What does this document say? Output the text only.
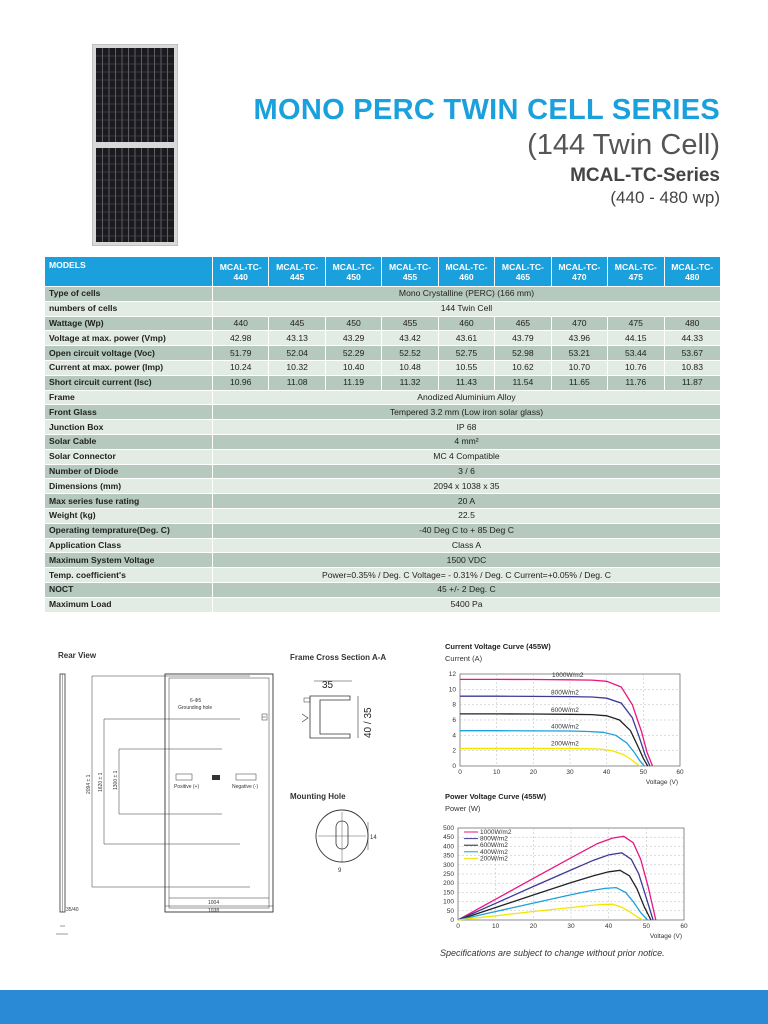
MONO PERC TWIN CELL SERIES
(144 Twin Cell)
MCAL-TC-Series
(440 - 480 wp)
MODELS	MCAL-TC-440	MCAL-TC-445	MCAL-TC-450	MCAL-TC-455	MCAL-TC-460	MCAL-TC-465	MCAL-TC-470	MCAL-TC-475	MCAL-TC-480
Type of cells	Mono Crystalline (PERC) (166 mm)								
numbers of cells	144 Twin Cell								
Wattage (Wp)	440	445	450	455	460	465	470	475	480
Voltage at max. power (Vmp)	42.98	43.13	43.29	43.42	43.61	43.79	43.96	44.15	44.33
Open circuit voltage (Voc)	51.79	52.04	52.29	52.52	52.75	52.98	53.21	53.44	53.67
Current at max. power (Imp)	10.24	10.32	10.40	10.48	10.55	10.62	10.70	10.76	10.83
Short circuit current (Isc)	10.96	11.08	11.19	11.32	11.43	11.54	11.65	11.76	11.87
Frame	Anodized Aluminium Alloy								
Front Glass	Tempered 3.2 mm (Low iron solar glass)								
Junction Box	IP 68								
Solar Cable	4 mm²								
Solar Connector	MC 4 Compatible								
Number of Diode	3 / 6								
Dimensions (mm)	2094 x 1038 x 35								
Max series fuse rating	20 A								
Weight (kg)	22.5								
Operating temprature(Deg. C)	-40 Deg C to + 85 Deg C								
Application Class	Class A								
Maximum System Voltage	1500 VDC								
Temp. coefficient's	Power=0.35% / Deg. C Voltage= - 0.31% / Deg. C Current=+0.05% / Deg. C								
NOCT	45 +/- 2 Deg. C								
Maximum Load	5400 Pa								
Rear View
6-Φ5 Grounding hole
Positive (+)	Negative (-)
1004
1038
35/40
2094 ± 1 1620 ± 1 1300 ± 1
Frame Cross Section A-A
35
40 / 35
Mounting Hole
14
9
Current Voltage Curve (455W)
Current (A)
0
2
4
6
8
10
12
0	10	20	30	40	50	60
Voltage (V)
1000W/m2
800W/m2
600W/m2
400W/m2
200W/m2
Power Voltage Curve (455W)
Power (W)
0
50
100
150
200
250
300
350
400
450
500
0	10	20	30	40	50	60
Voltage (V)
1000W/m2
800W/m2
600W/m2
400W/m2
200W/m2
Specifications are subject to change without prior notice.
